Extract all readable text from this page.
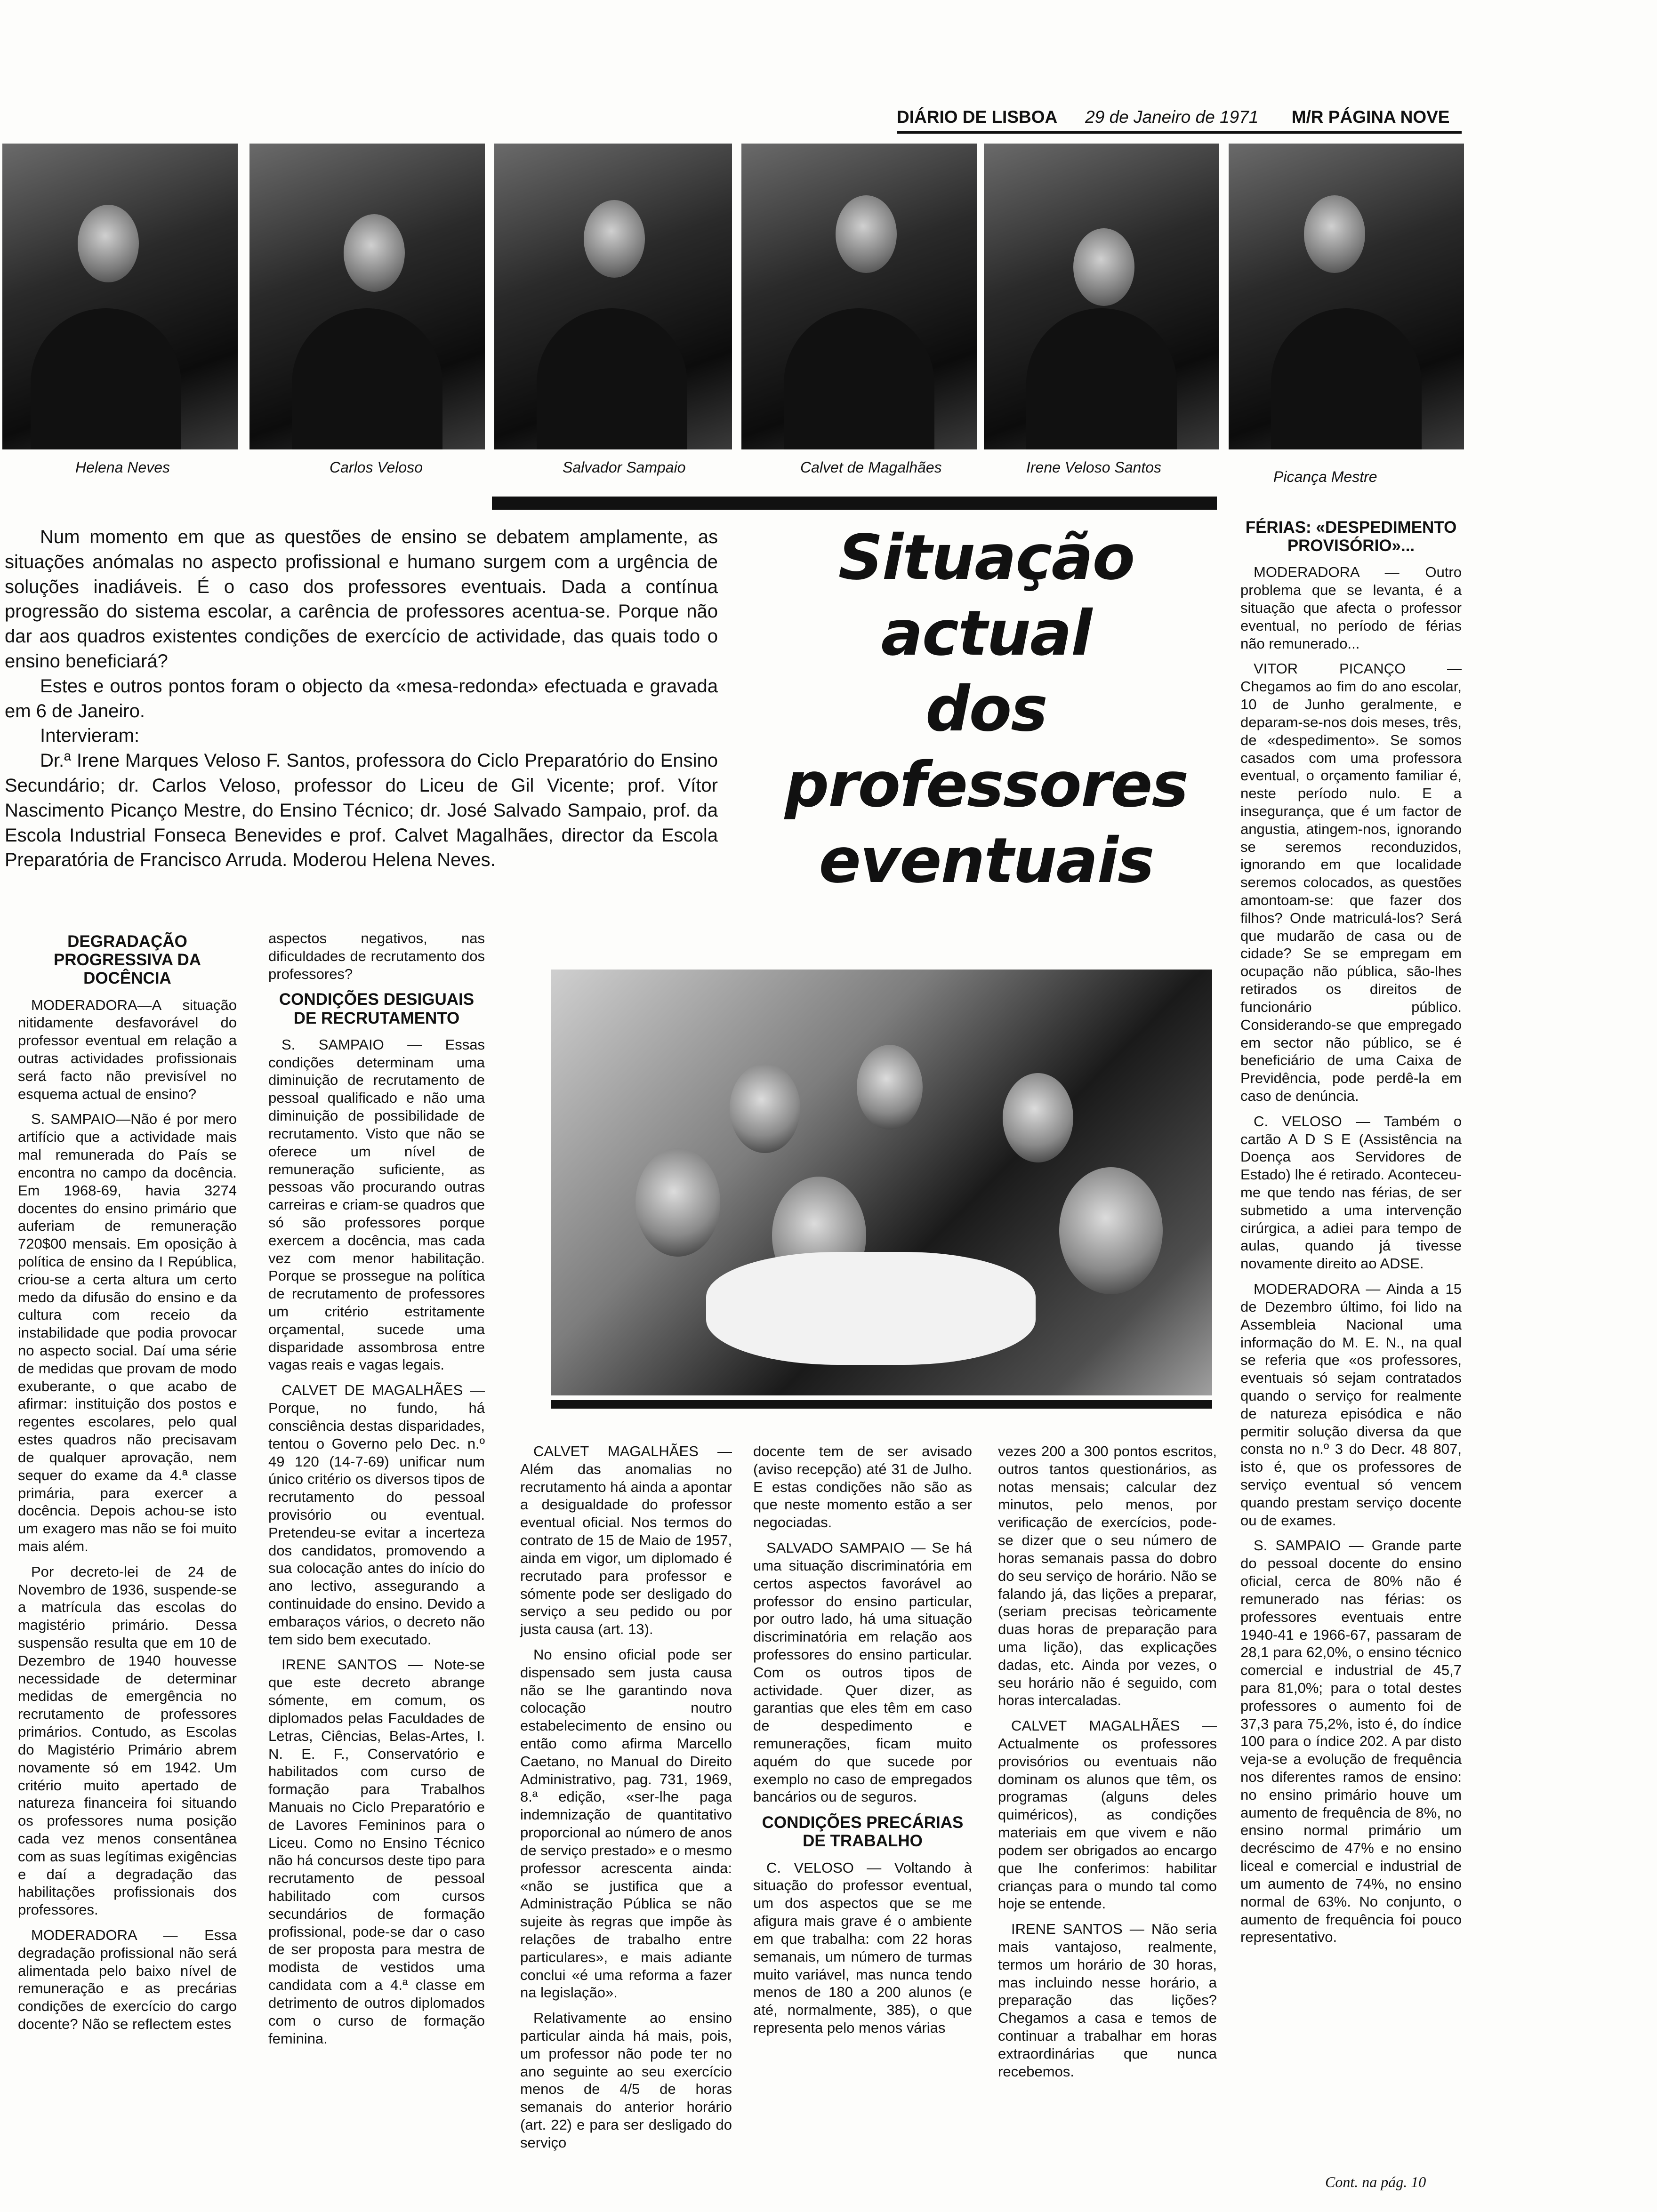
DIÁRIO DE LISBOA 29 de Janeiro de 1971 M/R PÁGINA NOVE
Helena Neves	Carlos Veloso	Salvador Sampaio	Calvet de Magalhães	Irene Veloso Santos
Picança Mestre

Num momento em que as questões de ensino se debatem amplamente, as situações anómalas no aspecto profissional e humano surgem com a urgência de soluções inadiáveis. É o caso dos professores eventuais. Dada a contínua progressão do sistema escolar, a carência de professores acentua-se. Porque não dar aos quadros existentes condições de exercício de actividade, das quais todo o ensino beneficiará?

Estes e outros pontos foram o objecto da «mesa-redonda» efectuada e gravada em 6 de Janeiro.

Intervieram:

Dr.ª Irene Marques Veloso F. Santos, professora do Ciclo Preparatório do Ensino Secundário; dr. Carlos Veloso, professor do Liceu de Gil Vicente; prof. Vítor Nascimento Picanço Mestre, do Ensino Técnico; dr. José Salvado Sampaio, prof. da Escola Industrial Fonseca Benevides e prof. Calvet Magalhães, director da Escola Preparatória de Francisco Arruda. Moderou Helena Neves.

Situação
actual
dos professores
eventuais
DEGRADAÇÃO PROGRESSIVA DA DOCÊNCIA

MODERADORA—A situação nitidamente desfavorável do professor eventual em relação a outras actividades profissionais será facto não previsível no esquema actual de ensino?

S. SAMPAIO—Não é por mero artifício que a actividade mais mal remunerada do País se encontra no campo da docência. Em 1968-69, havia 3274 docentes do ensino primário que auferiam de remuneração 720$00 mensais. Em oposição à política de ensino da I República, criou-se a certa altura um certo medo da difusão do ensino e da cultura com receio da instabilidade que podia provocar no aspecto social. Daí uma série de medidas que provam de modo exuberante, o que acabo de afirmar: instituição dos postos e regentes escolares, pelo qual estes quadros não precisavam de qualquer aprovação, nem sequer do exame da 4.ª classe primária, para exercer a docência. Depois achou-se isto um exagero mas não se foi muito mais além.

Por decreto-lei de 24 de Novembro de 1936, suspende-se a matrícula das escolas do magistério primário. Dessa suspensão resulta que em 10 de Dezembro de 1940 houvesse necessidade de determinar medidas de emergência no recrutamento de professores primários. Contudo, as Escolas do Magistério Primário abrem novamente só em 1942. Um critério muito apertado de natureza financeira foi situando os professores numa posição cada vez menos consentânea com as suas legítimas exigências e daí a degradação das habilitações profissionais dos professores.

MODERADORA — Essa degradação profissional não será alimentada pelo baixo nível de remuneração e as precárias condições de exercício do cargo docente? Não se reflectem estes

aspectos negativos, nas dificuldades de recrutamento dos professores?

CONDIÇÕES DESIGUAIS DE RECRUTAMENTO

S. SAMPAIO — Essas condições determinam uma diminuição de recrutamento de pessoal qualificado e não uma diminuição de possibilidade de recrutamento. Visto que não se oferece um nível de remuneração suficiente, as pessoas vão procurando outras carreiras e criam-se quadros que só são professores porque exercem a docência, mas cada vez com menor habilitação. Porque se prossegue na política de recrutamento de professores um critério estritamente orçamental, sucede uma disparidade assombrosa entre vagas reais e vagas legais.

CALVET DE MAGALHÃES — Porque, no fundo, há consciência destas disparidades, tentou o Governo pelo Dec. n.º 49 120 (14-7-69) unificar num único critério os diversos tipos de recrutamento do pessoal provisório ou eventual. Pretendeu-se evitar a incerteza dos candidatos, promovendo a sua colocação antes do início do ano lectivo, assegurando a continuidade do ensino. Devido a embaraços vários, o decreto não tem sido bem executado.

IRENE SANTOS — Note-se que este decreto abrange sómente, em comum, os diplomados pelas Faculdades de Letras, Ciências, Belas-Artes, I. N. E. F., Conservatório e habilitados com curso de formação para Trabalhos Manuais no Ciclo Preparatório e de Lavores Femininos para o Liceu. Como no Ensino Técnico não há concursos deste tipo para recrutamento de pessoal habilitado com cursos secundários de formação profissional, pode-se dar o caso de ser proposta para mestra de modista de vestidos uma candidata com a 4.ª classe em detrimento de outros diplomados com o curso de formação feminina.

CALVET MAGALHÃES — Além das anomalias no recrutamento há ainda a apontar a desigualdade do professor eventual oficial. Nos termos do contrato de 15 de Maio de 1957, ainda em vigor, um diplomado é recrutado para professor e sómente pode ser desligado do serviço a seu pedido ou por justa causa (art. 13).

No ensino oficial pode ser dispensado sem justa causa não se lhe garantindo nova colocação noutro estabelecimento de ensino ou então como afirma Marcello Caetano, no Manual do Direito Administrativo, pag. 731, 1969, 8.ª edição, «ser-lhe paga indemnização de quantitativo proporcional ao número de anos de serviço prestado» e o mesmo professor acrescenta ainda: «não se justifica que a Administração Pública se não sujeite às regras que impõe às relações de trabalho entre particulares», e mais adiante conclui «é uma reforma a fazer na legislação».

Relativamente ao ensino particular ainda há mais, pois, um professor não pode ter no ano seguinte ao seu exercício menos de 4/5 de horas semanais do anterior horário (art. 22) e para ser desligado do serviço

docente tem de ser avisado (aviso recepção) até 31 de Julho. E estas condições não são as que neste momento estão a ser negociadas.

SALVADO SAMPAIO — Se há uma situação discriminatória em certos aspectos favorável ao professor do ensino particular, por outro lado, há uma situação discriminatória em relação aos professores do ensino particular. Com os outros tipos de actividade. Quer dizer, as garantias que eles têm em caso de despedimento e remunerações, ficam muito aquém do que sucede por exemplo no caso de empregados bancários ou de seguros.

CONDIÇÕES PRECÁRIAS DE TRABALHO

C. VELOSO — Voltando à situação do professor eventual, um dos aspectos que se me afigura mais grave é o ambiente em que trabalha: com 22 horas semanais, um número de turmas muito variável, mas nunca tendo menos de 180 a 200 alunos (e até, normalmente, 385), o que representa pelo menos várias

vezes 200 a 300 pontos escritos, outros tantos questionários, as notas mensais; calcular dez minutos, pelo menos, por verificação de exercícios, pode-se dizer que o seu número de horas semanais passa do dobro do seu serviço de horário. Não se falando já, das lições a preparar, (seriam precisas teòricamente duas horas de preparação para uma lição), das explicações dadas, etc. Ainda por vezes, o seu horário não é seguido, com horas intercaladas.

CALVET MAGALHÃES — Actualmente os professores provisórios ou eventuais não dominam os alunos que têm, os programas (alguns deles quiméricos), as condições materiais em que vivem e não podem ser obrigados ao encargo que lhe conferimos: habilitar crianças para o mundo tal como hoje se entende.

IRENE SANTOS — Não seria mais vantajoso, realmente, termos um horário de 30 horas, mas incluindo nesse horário, a preparação das lições? Chegamos a casa e temos de continuar a trabalhar em horas extraordinárias que nunca recebemos.

FÉRIAS: «DESPEDIMENTO PROVISÓRIO»...

MODERADORA — Outro problema que se levanta, é a situação que afecta o professor eventual, no período de férias não remunerado...

VITOR PICANÇO — Chegamos ao fim do ano escolar, 10 de Junho geralmente, e deparam-se-nos dois meses, três, de «despedimento». Se somos casados com uma professora eventual, o orçamento familiar é, neste período nulo. E a insegurança, que é um factor de angustia, atingem-nos, ignorando se seremos reconduzidos, ignorando em que localidade seremos colocados, as questões amontoam-se: que fazer dos filhos? Onde matriculá-los? Será que mudarão de casa ou de cidade? Se se empregam em ocupação não pública, são-lhes retirados os direitos de funcionário público. Considerando-se que empregado em sector não público, se é beneficiário de uma Caixa de Previdência, pode perdê-la em caso de denúncia.

C. VELOSO — Também o cartão A D S E (Assistência na Doença aos Servidores de Estado) lhe é retirado. Aconteceu-me que tendo nas férias, de ser submetido a uma intervenção cirúrgica, a adiei para tempo de aulas, quando já tivesse novamente direito ao ADSE.

MODERADORA — Ainda a 15 de Dezembro último, foi lido na Assembleia Nacional uma informação do M. E. N., na qual se referia que «os professores, eventuais só sejam contratados quando o serviço for realmente de natureza episódica e não permitir solução diversa da que consta no n.º 3 do Decr. 48 807, isto é, que os professores de serviço eventual só vencem quando prestam serviço docente ou de exames.

S. SAMPAIO — Grande parte do pessoal docente do ensino oficial, cerca de 80% não é remunerado nas férias: os professores eventuais entre 1940-41 e 1966-67, passaram de 28,1 para 62,0%, o ensino técnico comercial e industrial de 45,7 para 81,0%; para o total destes professores o aumento foi de 37,3 para 75,2%, isto é, do índice 100 para o índice 202. A par disto veja-se a evolução de frequência nos diferentes ramos de ensino: no ensino primário houve um aumento de frequência de 8%, no ensino normal primário um decréscimo de 47% e no ensino liceal e comercial e industrial de um aumento de 74%, no ensino normal de 63%. No conjunto, o aumento de frequência foi pouco representativo.

Cont. na pág. 10
